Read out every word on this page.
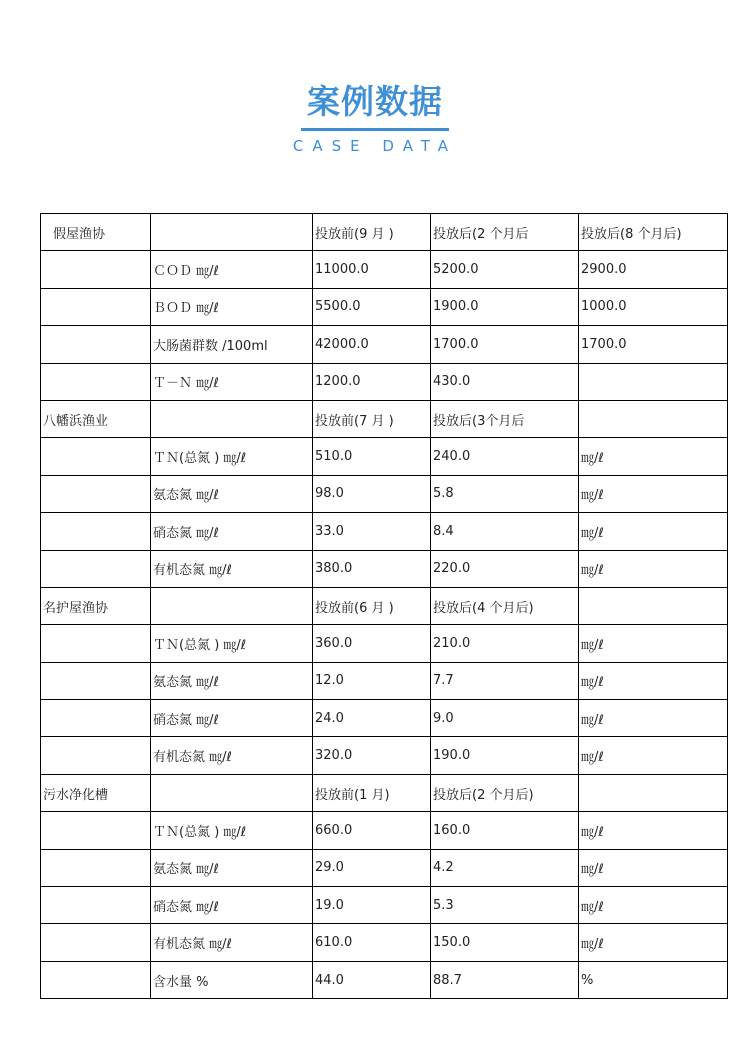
案例数据
CASE DATA
假屋渔协		投放前(9 月 )	投放后(2 个月后	投放后(8 个月后)
	ＣＯＤ ㎎/ℓ	11000.0	5200.0	2900.0
	ＢＯＤ ㎎/ℓ	5500.0	1900.0	1000.0
	大肠菌群数 /100ml	42000.0	1700.0	1700.0
	Ｔ－Ｎ ㎎/ℓ	1200.0	430.0	
八幡浜渔业		投放前(7 月 )	投放后(3个月后	
	ＴＮ(总氮 ) ㎎/ℓ	510.0	240.0	㎎/ℓ
	氨态氮 ㎎/ℓ	98.0	5.8	㎎/ℓ
	硝态氮 ㎎/ℓ	33.0	8.4	㎎/ℓ
	有机态氮 ㎎/ℓ	380.0	220.0	㎎/ℓ
名护屋渔协		投放前(6 月 )	投放后(4 个月后)	
	ＴＮ(总氮 ) ㎎/ℓ	360.0	210.0	㎎/ℓ
	氨态氮 ㎎/ℓ	12.0	7.7	㎎/ℓ
	硝态氮 ㎎/ℓ	24.0	9.0	㎎/ℓ
	有机态氮 ㎎/ℓ	320.0	190.0	㎎/ℓ
污水净化槽		投放前(1 月)	投放后(2 个月后)	
	ＴＮ(总氮 ) ㎎/ℓ	660.0	160.0	㎎/ℓ
	氨态氮 ㎎/ℓ	29.0	4.2	㎎/ℓ
	硝态氮 ㎎/ℓ	19.0	5.3	㎎/ℓ
	有机态氮 ㎎/ℓ	610.0	150.0	㎎/ℓ
	含水量 %	44.0	88.7	%
